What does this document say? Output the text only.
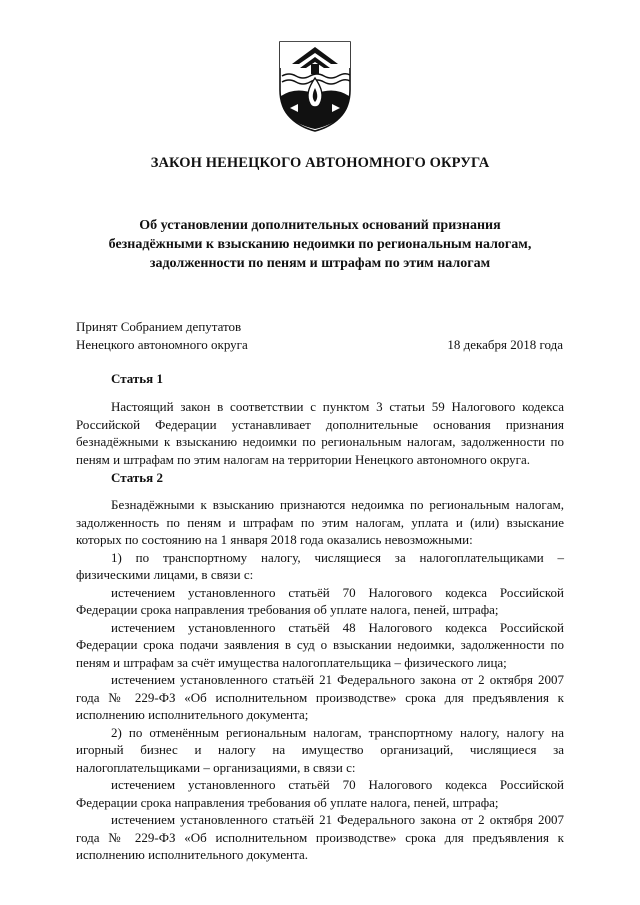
ЗАКОН НЕНЕЦКОГО АВТОНОМНОГО ОКРУГА
Об установлении дополнительных оснований признания
безнадёжными к взысканию недоимки по региональным налогам,
задолженности по пеням и штрафам по этим налогам
Принят Собранием депутатов
Ненецкого автономного округа	18 декабря 2018 года
Статья 1

Настоящий закон в соответствии с пунктом 3 статьи 59 Налогового кодекса Российской Федерации устанавливает дополнительные основания признания безнадёжными к взысканию недоимки по региональным налогам, задолженности по пеням и штрафам по этим налогам на территории Ненецкого автономного округа.

Статья 2

Безнадёжными к взысканию признаются недоимка по региональным налогам, задолженность по пеням и штрафам по этим налогам, уплата и (или) взыскание которых по состоянию на 1 января 2018 года оказались невозможными:

1) по транспортному налогу, числящиеся за налогоплательщиками – физическими лицами, в связи с:

истечением установленного статьёй 70 Налогового кодекса Российской Федерации срока направления требования об уплате налога, пеней, штрафа;

истечением установленного статьёй 48 Налогового кодекса Российской Федерации срока подачи заявления в суд о взыскании недоимки, задолженности по пеням и штрафам за счёт имущества налогоплательщика – физического лица;

истечением установленного статьёй 21 Федерального закона от 2 октября 2007 года № 229-ФЗ «Об исполнительном производстве» срока для предъявления к исполнению исполнительного документа;

2) по отменённым региональным налогам, транспортному налогу, налогу на игорный бизнес и налогу на имущество организаций, числящиеся за налогоплательщиками – организациями, в связи с:

истечением установленного статьёй 70 Налогового кодекса Российской Федерации срока направления требования об уплате налога, пеней, штрафа;

истечением установленного статьёй 21 Федерального закона от 2 октября 2007 года № 229-ФЗ «Об исполнительном производстве» срока для предъявления к исполнению исполнительного документа.
